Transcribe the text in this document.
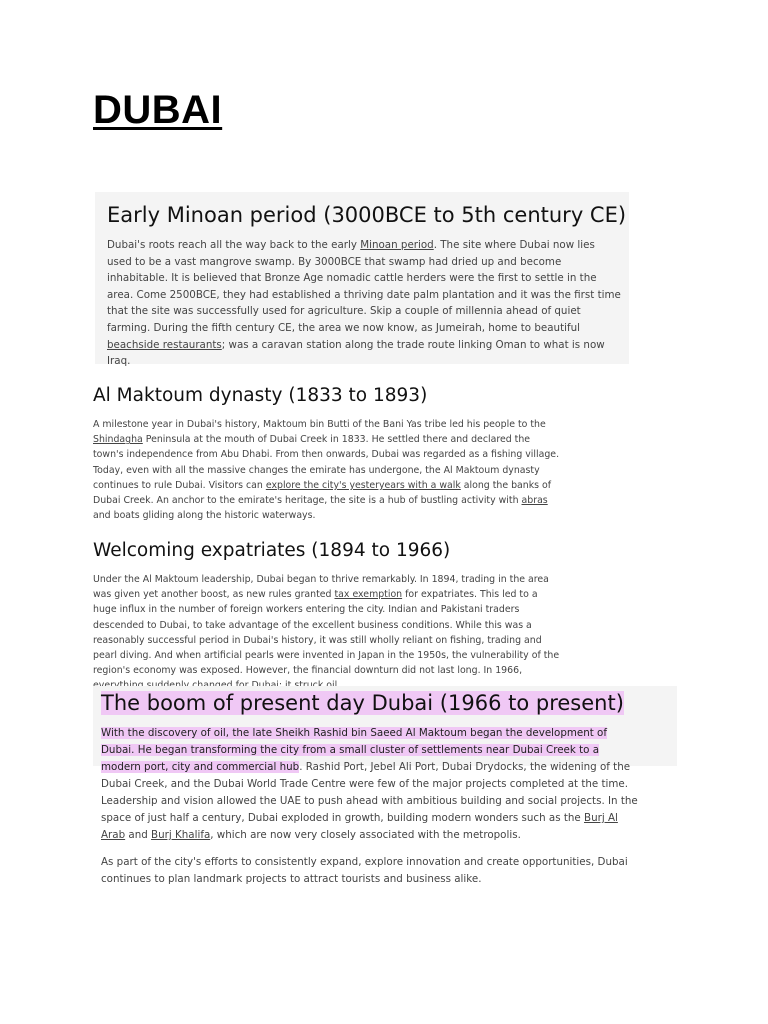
DUBAI
Early Minoan period (3000BCE to 5th century CE)

Dubai's roots reach all the way back to the early Minoan period. The site where Dubai now lies used to be a vast mangrove swamp. By 3000BCE that swamp had dried up and become inhabitable. It is believed that Bronze Age nomadic cattle herders were the first to settle in the area. Come 2500BCE, they had established a thriving date palm plantation and it was the first time that the site was successfully used for agriculture. Skip a couple of millennia ahead of quiet farming. During the fifth century CE, the area we now know, as Jumeirah, home to beautiful beachside restaurants; was a caravan station along the trade route linking Oman to what is now Iraq.

Al Maktoum dynasty (1833 to 1893)

A milestone year in Dubai's history, Maktoum bin Butti of the Bani Yas tribe led his people to the Shindagha Peninsula at the mouth of Dubai Creek in 1833. He settled there and declared the town's independence from Abu Dhabi. From then onwards, Dubai was regarded as a fishing village. Today, even with all the massive changes the emirate has undergone, the Al Maktoum dynasty continues to rule Dubai. Visitors can explore the city's yesteryears with a walk along the banks of Dubai Creek. An anchor to the emirate's heritage, the site is a hub of bustling activity with abras and boats gliding along the historic waterways.

Welcoming expatriates (1894 to 1966)

Under the Al Maktoum leadership, Dubai began to thrive remarkably. In 1894, trading in the area was given yet another boost, as new rules granted tax exemption for expatriates. This led to a huge influx in the number of foreign workers entering the city. Indian and Pakistani traders descended to Dubai, to take advantage of the excellent business conditions. While this was a reasonably successful period in Dubai's history, it was still wholly reliant on fishing, trading and pearl diving. And when artificial pearls were invented in Japan in the 1950s, the vulnerability of the region's economy was exposed. However, the financial downturn did not last long. In 1966,

The boom of present day Dubai (1966 to present)

With the discovery of oil, the late Sheikh Rashid bin Saeed Al Maktoum began the development of Dubai. He began transforming the city from a small cluster of settlements near Dubai Creek to a modern port, city and commercial hub. Rashid Port, Jebel Ali Port, Dubai Drydocks, the widening of the Dubai Creek, and the Dubai World Trade Centre were few of the major projects completed at the time. Leadership and vision allowed the UAE to push ahead with ambitious building and social projects. In the space of just half a century, Dubai exploded in growth, building modern wonders such as the Burj Al Arab and Burj Khalifa, which are now very closely associated with the metropolis.

As part of the city's efforts to consistently expand, explore innovation and create opportunities, Dubai continues to plan landmark projects to attract tourists and business alike.
